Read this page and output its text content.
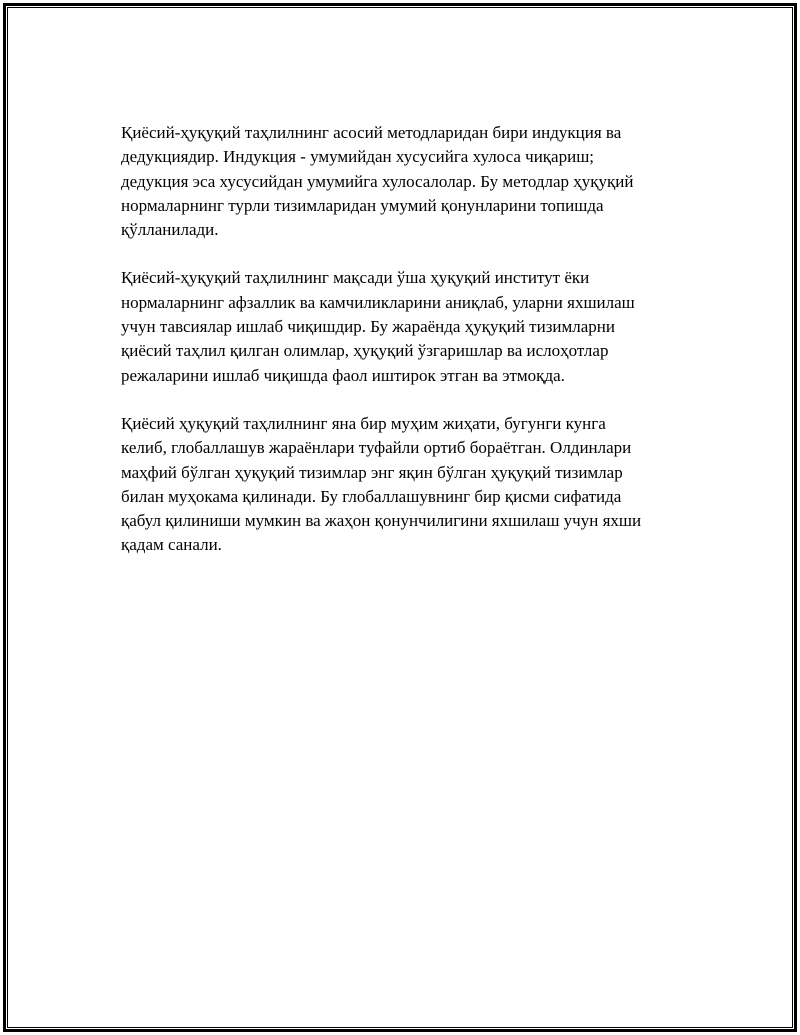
Қиёсий-ҳуқуқий таҳлилнинг асосий методларидан бири индукция ва
дедукциядир. Индукция - умумийдан хусусийга хулоса чиқариш;
дедукция эса хусусийдан умумийга хулосалолар. Бу методлар ҳуқуқий
нормаларнинг турли тизимларидан умумий қонунларини топишда
қўлланилади.

Қиёсий-ҳуқуқий таҳлилнинг мақсади ўша ҳуқуқий институт ёки
нормаларнинг афзаллик ва камчиликларини аниқлаб, уларни яхшилаш
учун тавсиялар ишлаб чиқишдир. Бу жараёнда ҳуқуқий тизимларни
қиёсий таҳлил қилган олимлар, ҳуқуқий ўзгаришлар ва ислоҳотлар
режаларини ишлаб чиқишда фаол иштирок этган ва этмоқда.

Қиёсий ҳуқуқий таҳлилнинг яна бир муҳим жиҳати, бугунги кунга
келиб, глобаллашув жараёнлари туфайли ортиб бораётган. Олдинлари
маҳфий бўлган ҳуқуқий тизимлар энг яқин бўлган ҳуқуқий тизимлар
билан муҳокама қилинади. Бу глобаллашувнинг бир қисми сифатида
қабул қилиниши мумкин ва жаҳон қонунчилигини яхшилаш учун яхши
қадам санали.
